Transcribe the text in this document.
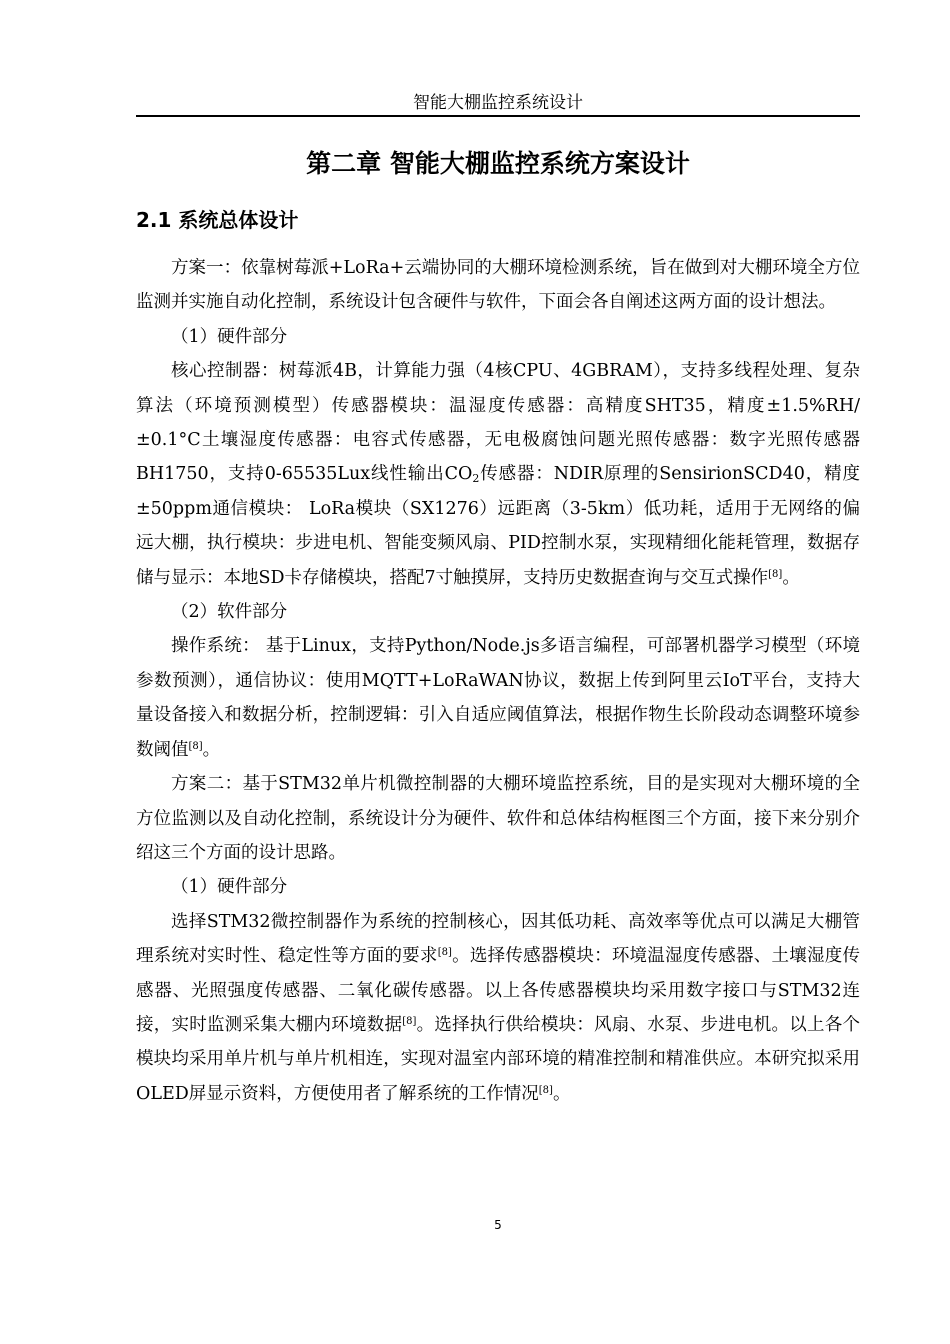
智能大棚监控系统设计
第二章 智能大棚监控系统方案设计
2.1 系统总体设计

方案一：依靠树莓派+LoRa+云端协同的大棚环境检测系统，旨在做到对大棚环境全方位监测并实施自动化控制，系统设计包含硬件与软件，下面会各自阐述这两方面的设计想法。

（1）硬件部分

核心控制器：树莓派4B，计算能力强（4核CPU、4GBRAM），支持多线程处理、复杂算法（环境预测模型）传感器模块：温湿度传感器：高精度SHT35，精度±1.5%RH/±0.1°C土壤湿度传感器：电容式传感器，无电极腐蚀问题光照传感器：数字光照传感器BH1750，支持0-65535Lux线性输出$CO_2$传感器：NDIR原理的SensirionSCD40，精度±50ppm通信模块： LoRa模块（SX1276）远距离（3-5km）低功耗，适用于无网络的偏远大棚，执行模块：步进电机、智能变频风扇、PID控制水泵，实现精细化能耗管理，数据存储与显示：本地SD卡存储模块，搭配7寸触摸屏，支持历史数据查询与交互式操作[8]。

（2）软件部分

操作系统： 基于Linux，支持Python/Node.js多语言编程，可部署机器学习模型（环境参数预测），通信协议：使用MQTT+LoRaWAN协议，数据上传到阿里云IoT平台，支持大量设备接入和数据分析，控制逻辑：引入自适应阈值算法，根据作物生长阶段动态调整环境参数阈值[8]。

方案二：基于STM32单片机微控制器的大棚环境监控系统，目的是实现对大棚环境的全方位监测以及自动化控制，系统设计分为硬件、软件和总体结构框图三个方面，接下来分别介绍这三个方面的设计思路。

（1）硬件部分

选择STM32微控制器作为系统的控制核心，因其低功耗、高效率等优点可以满足大棚管理系统对实时性、稳定性等方面的要求[8]。选择传感器模块：环境温湿度传感器、土壤湿度传感器、光照强度传感器、二氧化碳传感器。以上各传感器模块均采用数字接口与STM32连接，实时监测采集大棚内环境数据[8]。选择执行供给模块：风扇、水泵、步进电机。以上各个模块均采用单片机与单片机相连，实现对温室内部环境的精准控制和精准供应。本研究拟采用OLED屏显示资料，方便使用者了解系统的工作情况[8]。

5
